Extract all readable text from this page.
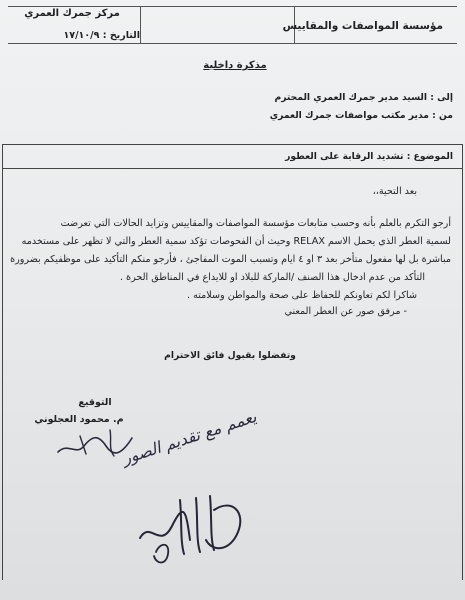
مؤسسة المواصفات والمقاييس
مركز جمرك العمري
التاريخ : ١٧/١٠/٩
مذكرة داخلية
إلى : السيد مدير جمرك العمري المحترم
من : مدير مكتب مواصفات جمرك العمري
الموضوع : تشديد الرقابة على العطور
بعد التحية،،
أرجو التكرم بالعلم بأنه وحسب متابعات مؤسسة المواصفات والمقاييس وتزايد الحالات التي تعرضت
لسمية العطر الذي يحمل الاسم RELAX وحيث أن الفحوصات تؤكد سمية العطر والتي لا تظهر على مستخدمه
مباشرة بل لها مفعول متأخر بعد ٣ او ٤ ايام وتسبب الموت المفاجئ ، فأرجو منكم التأكيد على موظفيكم بضرورة
التأكد من عدم ادخال هذا الصنف /الماركة للبلاد او للايداع في المناطق الحرة .
شاكرا لكم تعاونكم للحفاظ على صحة والمواطن وسلامته .
- مرفق صور عن العطر المعني
وتفضلوا بقبول فائق الاحترام
التوقيع
م. محمود العجلوني
يعمم مع تقديم الصور
